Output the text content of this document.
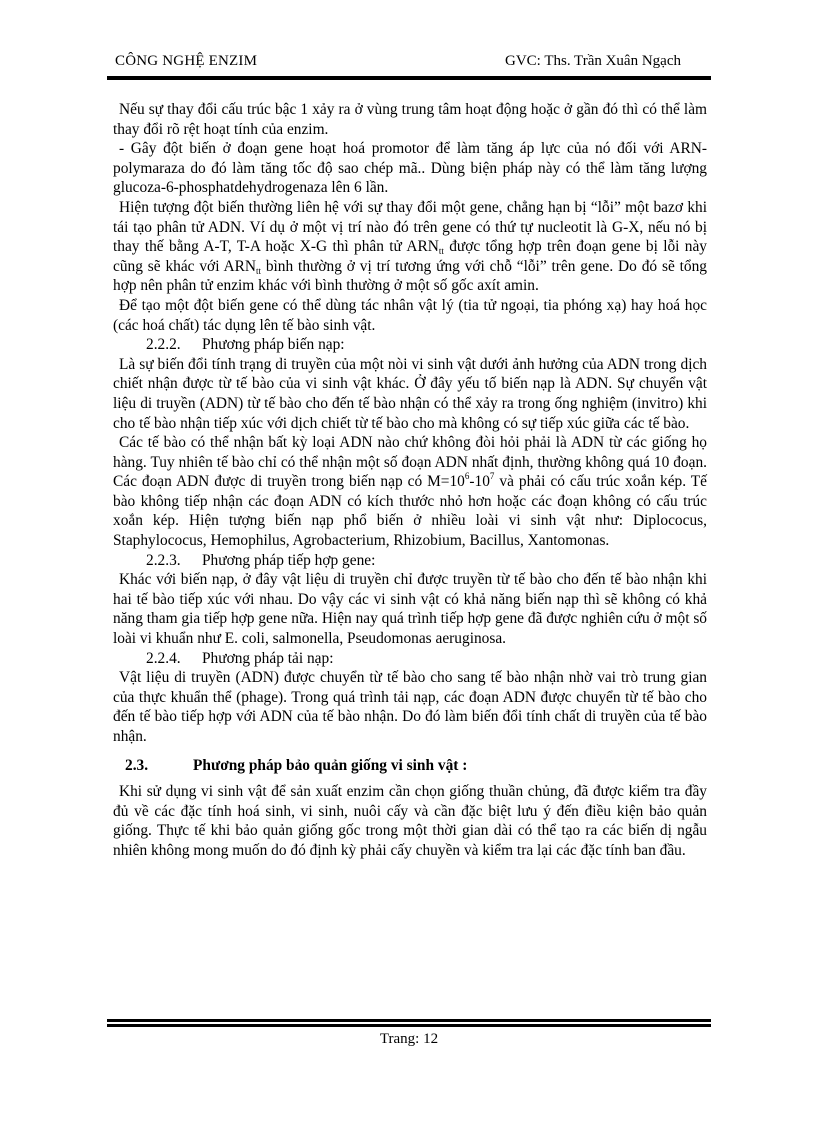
CÔNG NGHỆ ENZIM	GVC: Ths. Trần Xuân Ngạch

Nếu sự thay đổi cấu trúc bậc 1 xảy ra ở vùng trung tâm hoạt động hoặc ở gần đó thì có thể làm thay đổi rõ rệt hoạt tính của enzim.

- Gây đột biến ở đoạn gene hoạt hoá promotor để làm tăng áp lực của nó đối với ARN-polymaraza do đó làm tăng tốc độ sao chép mã.. Dùng biện pháp này có thể làm tăng lượng glucoza-6-phosphatdehydrogenaza lên 6 lần.

Hiện tượng đột biến thường liên hệ với sự thay đổi một gene, chẳng hạn bị “lỗi” một bazơ khi tái tạo phân tử ADN. Ví dụ ở một vị trí nào đó trên gene có thứ tự nucleotit là G-X, nếu nó bị thay thế bằng A-T, T-A hoặc X-G thì phân tử $ARN_{tt}$ được tổng hợp trên đoạn gene bị lỗi này cũng sẽ khác với $ARN_{tt}$ bình thường ở vị trí tương ứng với chỗ “lỗi” trên gene. Do đó sẽ tổng hợp nên phân tử enzim khác với bình thường ở một số gốc axít amin.

Để tạo một đột biến gene có thể dùng tác nhân vật lý (tia tử ngoại, tia phóng xạ) hay hoá học (các hoá chất) tác dụng lên tế bào sinh vật.

2.2.2. Phương pháp biến nạp:

Là sự biến đổi tính trạng di truyền của một nòi vi sinh vật dưới ảnh hưởng của ADN trong dịch chiết nhận được từ tế bào của vi sinh vật khác. Ở đây yếu tố biến nạp là ADN. Sự chuyển vật liệu di truyền (ADN) từ tế bào cho đến tế bào nhận có thể xảy ra trong ống nghiệm (invitro) khi cho tế bào nhận tiếp xúc với dịch chiết từ tế bào cho mà không có sự tiếp xúc giữa các tế bào.

Các tế bào có thể nhận bất kỳ loại ADN nào chứ không đòi hỏi phải là ADN từ các giống họ hàng. Tuy nhiên tế bào chỉ có thể nhận một số đoạn ADN nhất định, thường không quá 10 đoạn. Các đoạn ADN được di truyền trong biến nạp có $M=10^6-10^7$ và phải có cấu trúc xoắn kép. Tế bào không tiếp nhận các đoạn ADN có kích thước nhỏ hơn hoặc các đoạn không có cấu trúc xoắn kép. Hiện tượng biến nạp phổ biến ở nhiều loài vi sinh vật như: Diplococus, Staphylococus, Hemophilus, Agrobacterium, Rhizobium, Bacillus, Xantomonas.

2.2.3. Phương pháp tiếp hợp gene:

Khác với biến nạp, ở đây vật liệu di truyền chỉ được truyền từ tế bào cho đến tế bào nhận khi hai tế bào tiếp xúc với nhau. Do vậy các vi sinh vật có khả năng biến nạp thì sẽ không có khả năng tham gia tiếp hợp gene nữa. Hiện nay quá trình tiếp hợp gene đã được nghiên cứu ở một số loài vi khuẩn như E. coli, salmonella, Pseudomonas aeruginosa.

2.2.4. Phương pháp tải nạp:

Vật liệu di truyền (ADN) được chuyển từ tế bào cho sang tế bào nhận nhờ vai trò trung gian của thực khuẩn thể (phage). Trong quá trình tải nạp, các đoạn ADN được chuyển từ tế bào cho đến tế bào tiếp hợp với ADN của tế bào nhận. Do đó làm biến đổi tính chất di truyền của tế bào nhận.

2.3.	Phương pháp bảo quản giống vi sinh vật :

Khi sử dụng vi sinh vật để sản xuất enzim cần chọn giống thuần chủng, đã được kiểm tra đầy đủ về các đặc tính hoá sinh, vi sinh, nuôi cấy và cần đặc biệt lưu ý đến điều kiện bảo quản giống. Thực tế khi bảo quản giống gốc trong một thời gian dài có thể tạo ra các biến dị ngẫu nhiên không mong muốn do đó định kỳ phải cấy chuyền và kiểm tra lại các đặc tính ban đầu.

Trang: 12
